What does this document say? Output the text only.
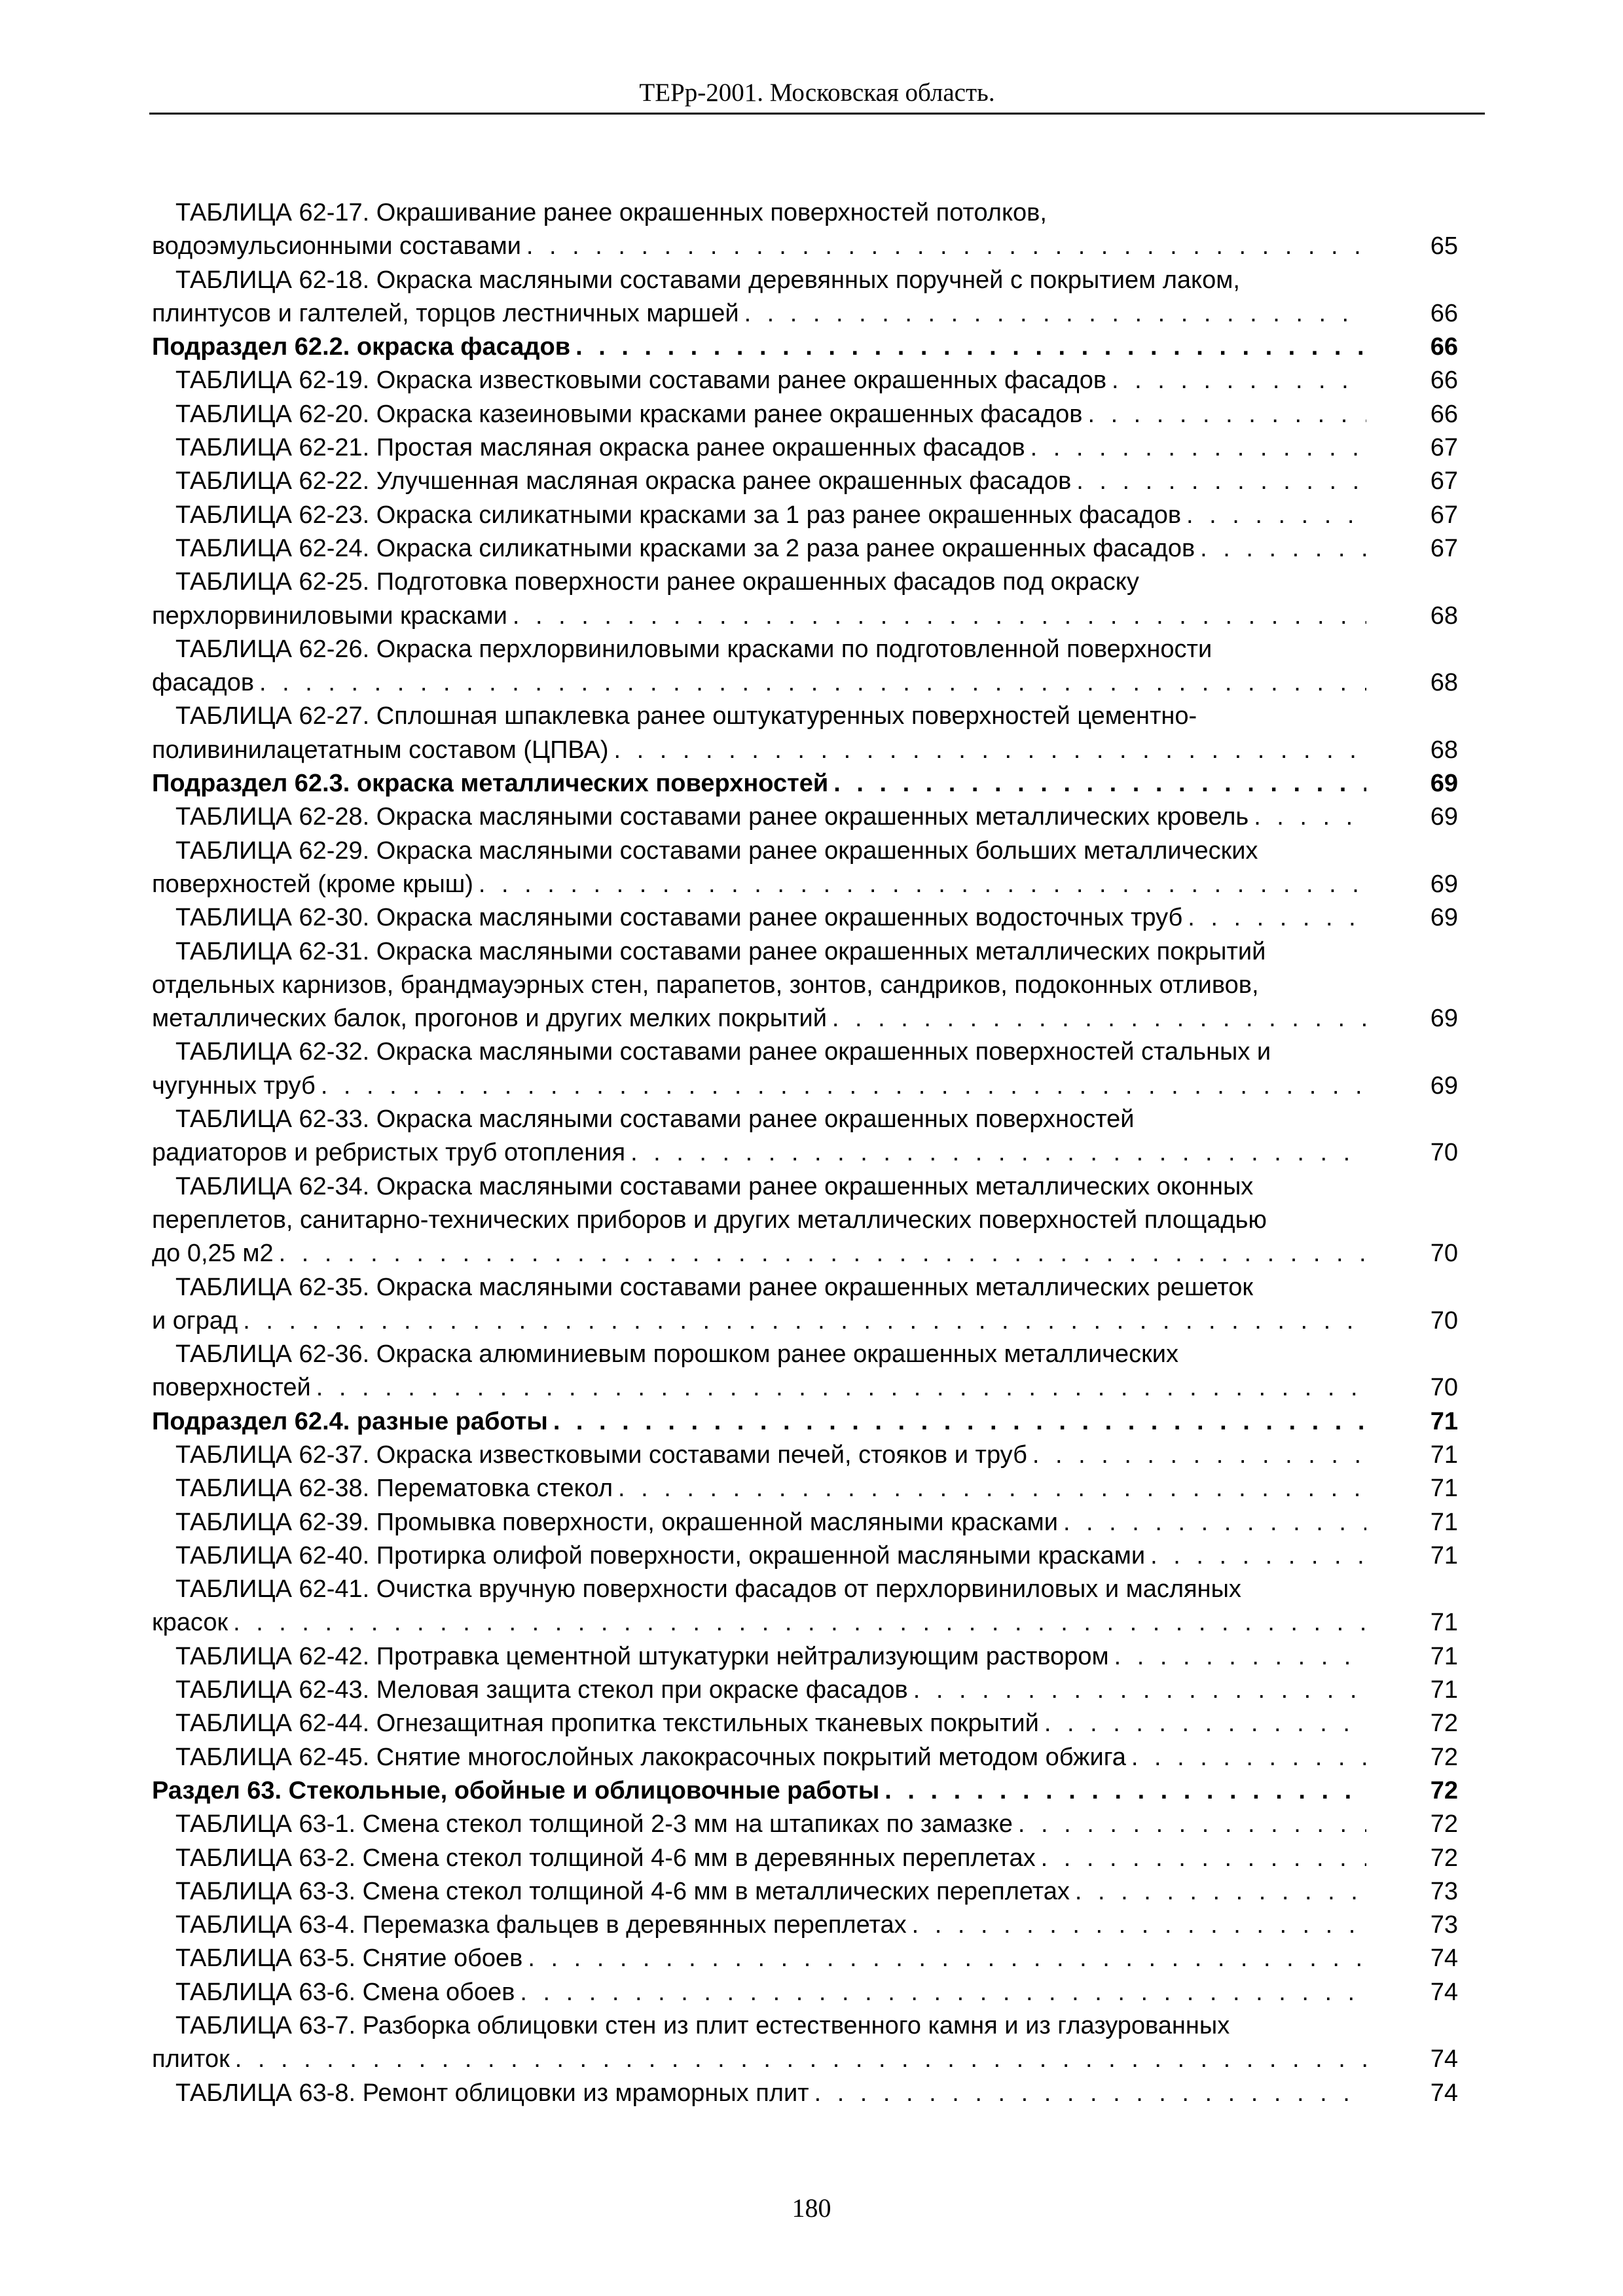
ТЕРр-2001. Московская область.
ТАБЛИЦА 62-17. Окрашивание ранее окрашенных поверхностей потолков,
водоэмульсионными составами . . .	65
ТАБЛИЦА 62-18. Окраска масляными составами деревянных поручней с покрытием лаком,
плинтусов и галтелей, торцов лестничных маршей . . .	66
Подраздел 62.2. окраска фасадов . . .	66
ТАБЛИЦА 62-19. Окраска известковыми составами ранее окрашенных фасадов . . .	66
ТАБЛИЦА 62-20. Окраска казеиновыми красками ранее окрашенных фасадов . . .	66
ТАБЛИЦА 62-21. Простая масляная окраска ранее окрашенных фасадов . . .	67
ТАБЛИЦА 62-22. Улучшенная масляная окраска ранее окрашенных фасадов . . .	67
ТАБЛИЦА 62-23. Окраска силикатными красками за 1 раз ранее окрашенных фасадов . . .	67
ТАБЛИЦА 62-24. Окраска силикатными красками за 2 раза ранее окрашенных фасадов . . .	67
ТАБЛИЦА 62-25. Подготовка поверхности ранее окрашенных фасадов под окраску
перхлорвиниловыми красками . . .	68
ТАБЛИЦА 62-26. Окраска перхлорвиниловыми красками по подготовленной поверхности
фасадов . . .	68
ТАБЛИЦА 62-27. Сплошная шпаклевка ранее оштукатуренных поверхностей цементно-
поливинилацетатным составом (ЦПВА) . . .	68
Подраздел 62.3. окраска металлических поверхностей . . .	69
ТАБЛИЦА 62-28. Окраска масляными составами ранее окрашенных металлических кровель . . .	69
ТАБЛИЦА 62-29. Окраска масляными составами ранее окрашенных больших металлических
поверхностей (кроме крыш) . . .	69
ТАБЛИЦА 62-30. Окраска масляными составами ранее окрашенных водосточных труб . . .	69
ТАБЛИЦА 62-31. Окраска масляными составами ранее окрашенных металлических покрытий
отдельных карнизов, брандмауэрных стен, парапетов, зонтов, сандриков, подоконных отливов,
металлических балок, прогонов и других мелких покрытий . . .	69
ТАБЛИЦА 62-32. Окраска масляными составами ранее окрашенных поверхностей стальных и
чугунных труб . . .	69
ТАБЛИЦА 62-33. Окраска масляными составами ранее окрашенных поверхностей
радиаторов и ребристых труб отопления . . .	70
ТАБЛИЦА 62-34. Окраска масляными составами ранее окрашенных металлических оконных
переплетов, санитарно-технических приборов и других металлических поверхностей площадью
до 0,25 м2 . . .	70
ТАБЛИЦА 62-35. Окраска масляными составами ранее окрашенных металлических решеток
и оград . . .	70
ТАБЛИЦА 62-36. Окраска алюминиевым порошком ранее окрашенных металлических
поверхностей . . .	70
Подраздел 62.4. разные работы . . .	71
ТАБЛИЦА 62-37. Окраска известковыми составами печей, стояков и труб . . .	71
ТАБЛИЦА 62-38. Перематовка стекол . . .	71
ТАБЛИЦА 62-39. Промывка поверхности, окрашенной масляными красками . . .	71
ТАБЛИЦА 62-40. Протирка олифой поверхности, окрашенной масляными красками . . .	71
ТАБЛИЦА 62-41. Очистка вручную поверхности фасадов от перхлорвиниловых и масляных
красок . . .	71
ТАБЛИЦА 62-42. Протравка цементной штукатурки нейтрализующим раствором . . .	71
ТАБЛИЦА 62-43. Меловая защита стекол при окраске фасадов . . .	71
ТАБЛИЦА 62-44. Огнезащитная пропитка текстильных тканевых покрытий . . .	72
ТАБЛИЦА 62-45. Снятие многослойных лакокрасочных покрытий методом обжига . . .	72
Раздел 63. Стекольные, обойные и облицовочные работы . . .	72
ТАБЛИЦА 63-1. Смена стекол толщиной 2-3 мм на штапиках по замазке . . .	72
ТАБЛИЦА 63-2. Смена стекол толщиной 4-6 мм в деревянных переплетах . . .	72
ТАБЛИЦА 63-3. Смена стекол толщиной 4-6 мм в металлических переплетах . . .	73
ТАБЛИЦА 63-4. Перемазка фальцев в деревянных переплетах . . .	73
ТАБЛИЦА 63-5. Снятие обоев . . .	74
ТАБЛИЦА 63-6. Смена обоев . . .	74
ТАБЛИЦА 63-7. Разборка облицовки стен из плит естественного камня и из глазурованных
плиток . . .	74
ТАБЛИЦА 63-8. Ремонт облицовки из мраморных плит . . .	74
180
